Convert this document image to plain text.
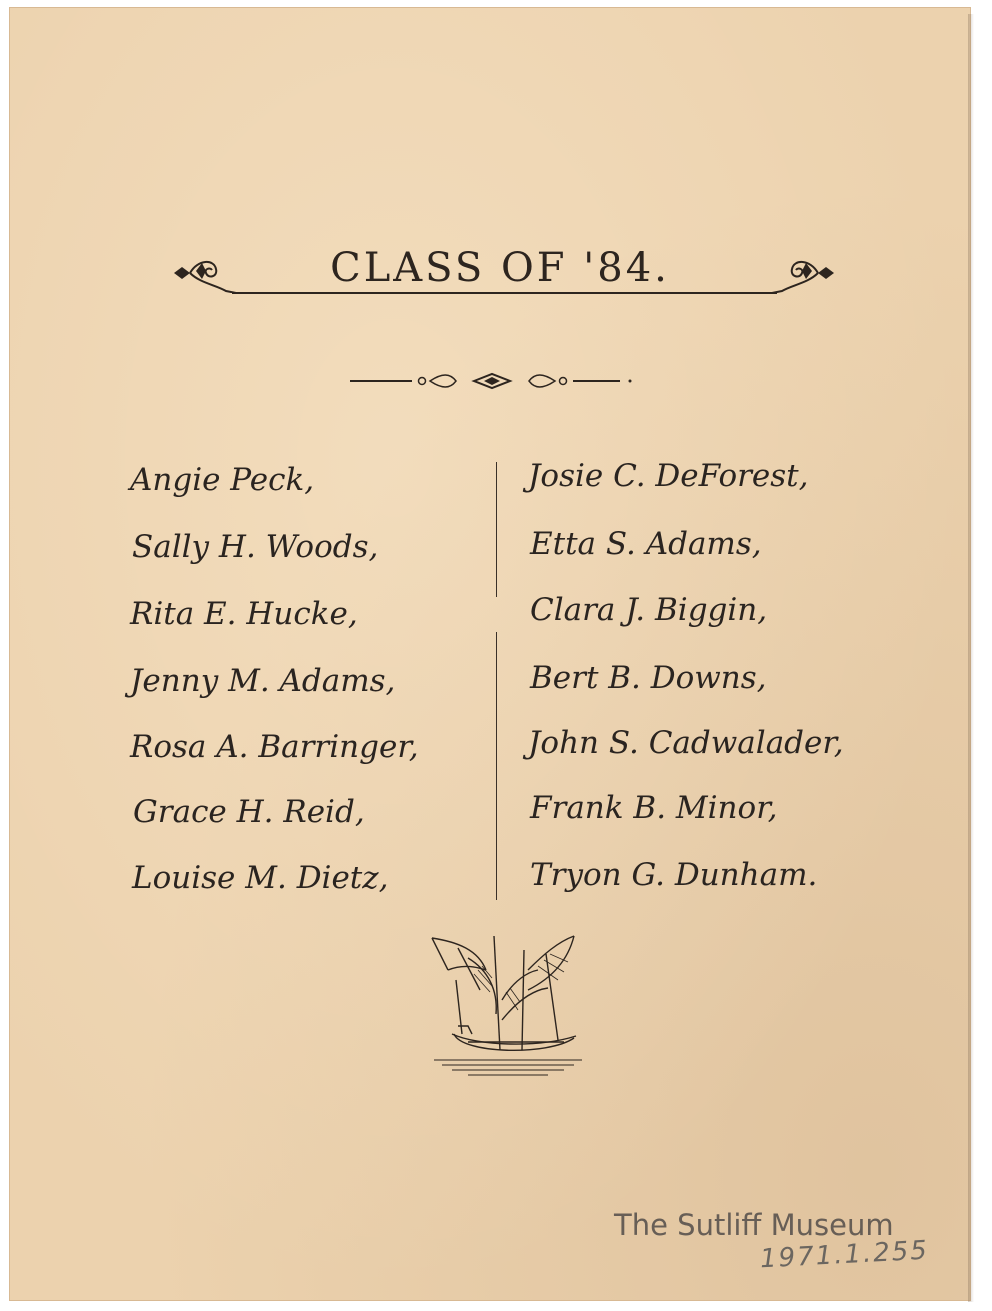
CLASS OF '84.
Angie Peck,
Sally H. Woods,
Rita E. Hucke,
Jenny M. Adams,
Rosa A. Barringer,
Grace H. Reid,
Louise M. Dietz,
Josie C. DeForest,
Etta S. Adams,
Clara J. Biggin,
Bert B. Downs,
John S. Cadwalader,
Frank B. Minor,
Tryon G. Dunham.
The Sutliff Museum
1971.1.255
